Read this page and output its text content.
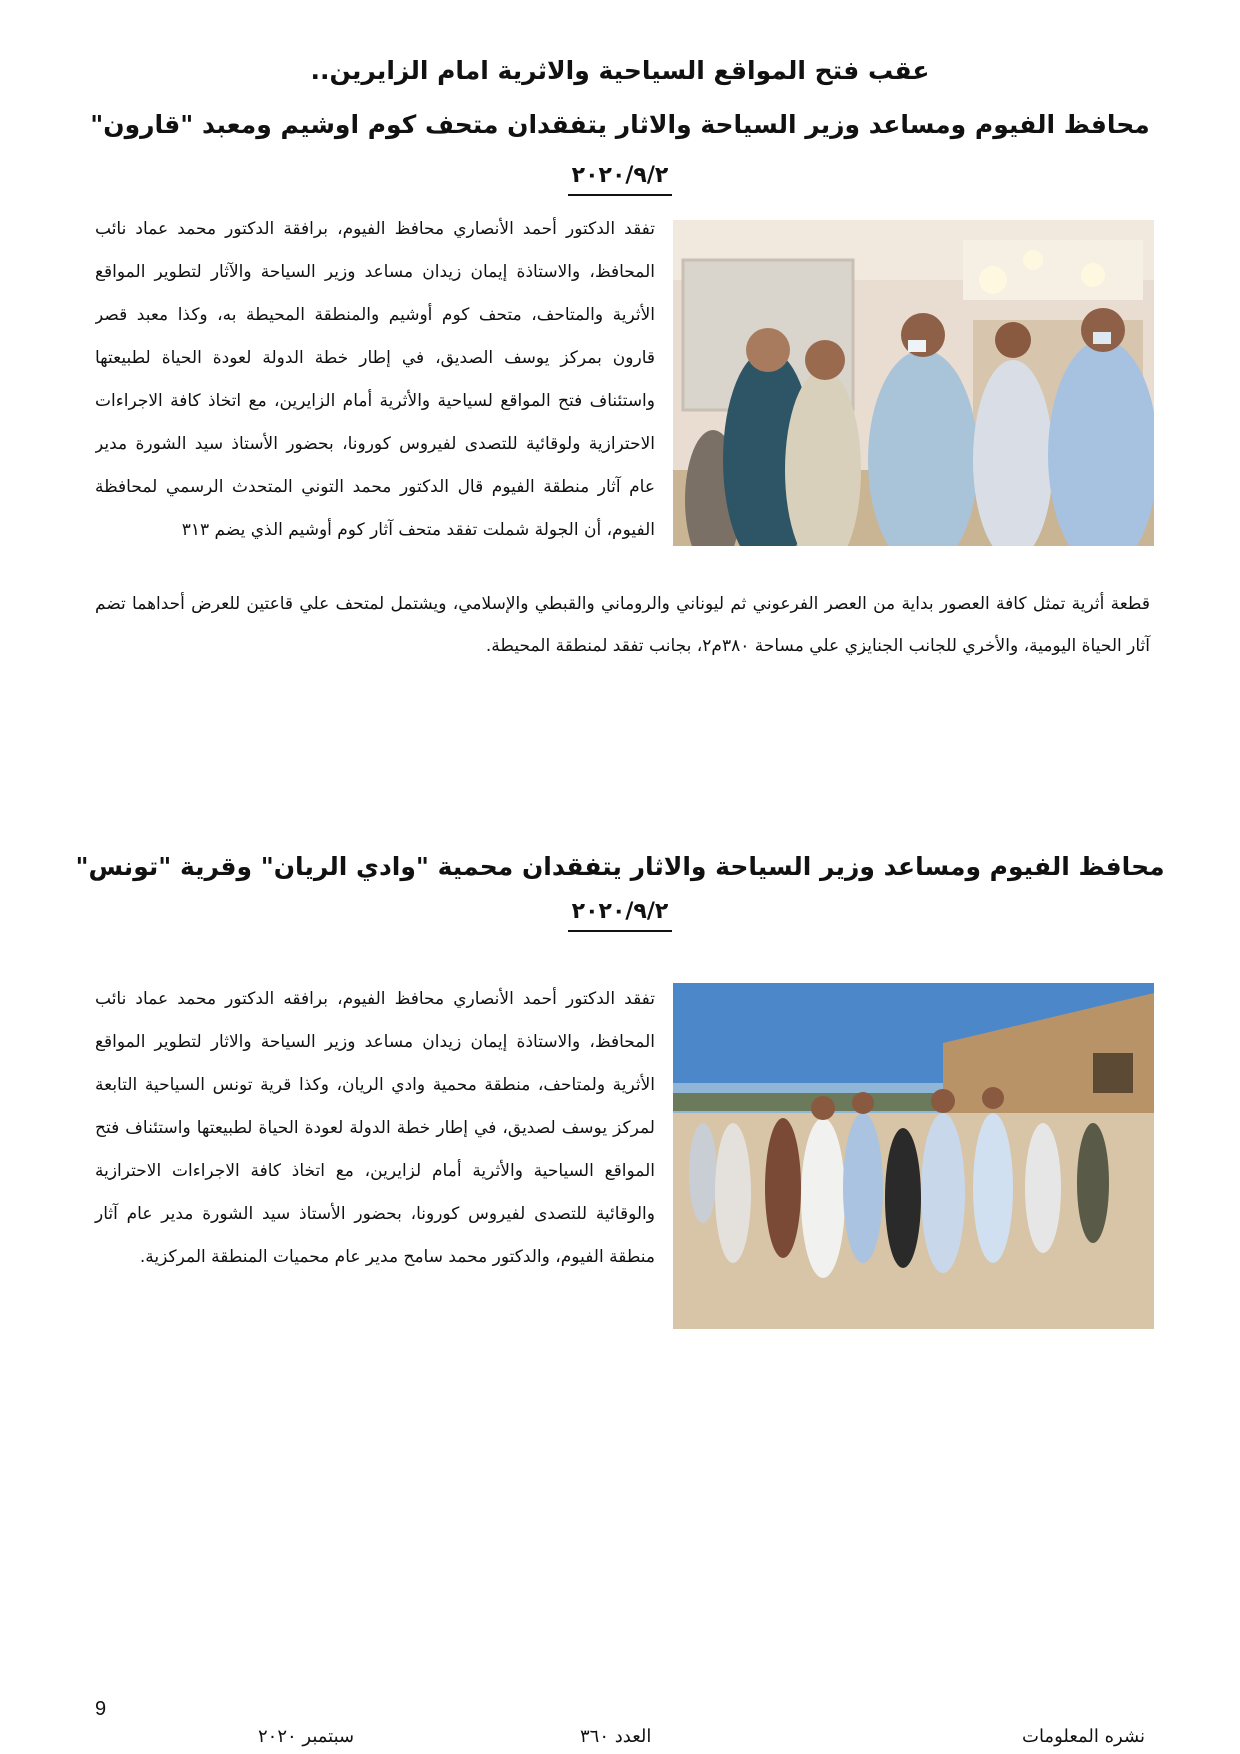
عقب فتح المواقع السياحية والاثرية امام الزايرين..
محافظ الفيوم ومساعد وزير السياحة والاثار يتفقدان متحف كوم اوشيم ومعبد "قارون"
٢٠٢٠/٩/٢

تفقد الدكتور أحمد الأنصاري محافظ الفيوم، برافقة الدكتور محمد عماد نائب المحافظ، والاستاذة إيمان زيدان مساعد وزير السياحة والآثار لتطوير المواقع الأثرية والمتاحف، متحف كوم أوشيم والمنطقة المحيطة به، وكذا معبد قصر قارون بمركز يوسف الصديق، في إطار خطة الدولة لعودة الحياة لطبيعتها واستئناف فتح المواقع لسياحية والأثرية أمام الزايرين، مع اتخاذ كافة الاجراءات الاحترازية ولوقائية للتصدى لفيروس كورونا، بحضور الأستاذ سيد الشورة مدير عام آثار منطقة الفيوم قال الدكتور محمد التوني المتحدث الرسمي لمحافظة الفيوم، أن الجولة شملت تفقد متحف آثار كوم أوشيم الذي يضم ٣١٣

قطعة أثرية تمثل كافة العصور بداية من العصر الفرعوني ثم ليوناني والروماني والقبطي والإسلامي، ويشتمل لمتحف علي قاعتين للعرض أحداهما تضم آثار الحياة اليومية، والأخري للجانب الجنايزي علي مساحة ٣٨٠م٢، بجانب تفقد لمنطقة المحيطة.

محافظ الفيوم ومساعد وزير السياحة والاثار يتفقدان محمية "وادي الريان" وقرية "تونس"
٢٠٢٠/٩/٢

تفقد الدكتور أحمد الأنصاري محافظ الفيوم، برافقه الدكتور محمد عماد نائب المحافظ، والاستاذة إيمان زيدان مساعد وزير السياحة والاثار لتطوير المواقع الأثرية ولمتاحف، منطقة محمية وادي الريان، وكذا قرية تونس السياحية التابعة لمركز يوسف لصديق، في إطار خطة الدولة لعودة الحياة لطبيعتها واستئناف فتح المواقع السياحية والأثرية أمام لزايرين، مع اتخاذ كافة الاجراءات الاحترازية والوقائية للتصدى لفيروس كورونا، بحضور الأستاذ سيد الشورة مدير عام آثار منطقة الفيوم، والدكتور محمد سامح مدير عام محميات المنطقة المركزية.

9
سبتمبر ٢٠٢٠	العدد ٣٦٠	نشره المعلومات
